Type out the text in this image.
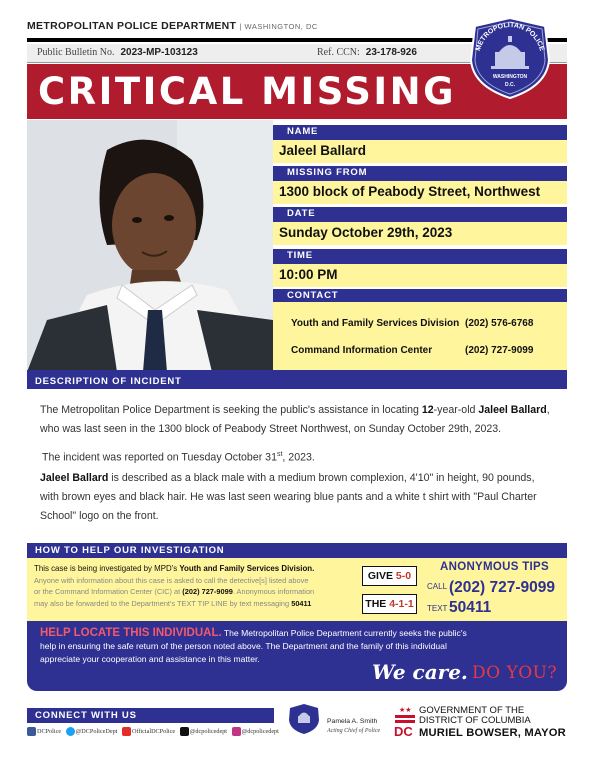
METROPOLITAN POLICE DEPARTMENT | WASHINGTON, DC
Public Bulletin No. 2023-MP-103123	Ref. CCN: 23-178-926
CRITICAL MISSING
METROPOLITAN POLICE
WASHINGTON
D.C.
NAME
Jaleel Ballard
MISSING FROM
1300 block of Peabody Street, Northwest
DATE
Sunday October 29th, 2023
TIME
10:00 PM
CONTACT
Youth and Family Services Division (202) 576-6768
Command Information Center	(202) 727-9099
DESCRIPTION OF INCIDENT
The Metropolitan Police Department is seeking the public's assistance in locating 12-year-old Jaleel Ballard,
who was last seen in the 1300 block of Peabody Street Northwest, on Sunday October 29th, 2023.
The incident was reported on Tuesday October 31st, 2023.
Jaleel Ballard is described as a black male with a medium brown complexion, 4'10" in height, 90 pounds,
with brown eyes and black hair. He was last seen wearing blue pants and a white t shirt with "Paul Charter
School" logo on the front.
HOW TO HELP OUR INVESTIGATION
This case is being investigated by MPD's Youth and Family Services Division.
Anyone with information about this case is asked to call the detective[s] listed above
or the Command Information Center (CIC) at (202) 727-9099. Anonymous information
may also be forwarded to the Department's TEXT TIP LINE by text messaging 50411
GIVE 5-0
THE 4-1-1
ANONYMOUS TIPS
CALL (202) 727-9099
TEXT 50411
HELP LOCATE THIS INDIVIDUAL. The Metropolitan Police Department currently seeks the public's
help in ensuring the safe return of the person noted above. The Department and the family of this individual
appreciate your cooperation and assistance in this matter.
We care. DO YOU?
CONNECT WITH US
DCPolice @DCPoliceDept OfficialDCPolice @dcpolicedept @dcpolicedept
Pamela A. Smith
Acting Chief of Police
★★
DC
GOVERNMENT OF THE
DISTRICT OF COLUMBIA
MURIEL BOWSER, MAYOR
